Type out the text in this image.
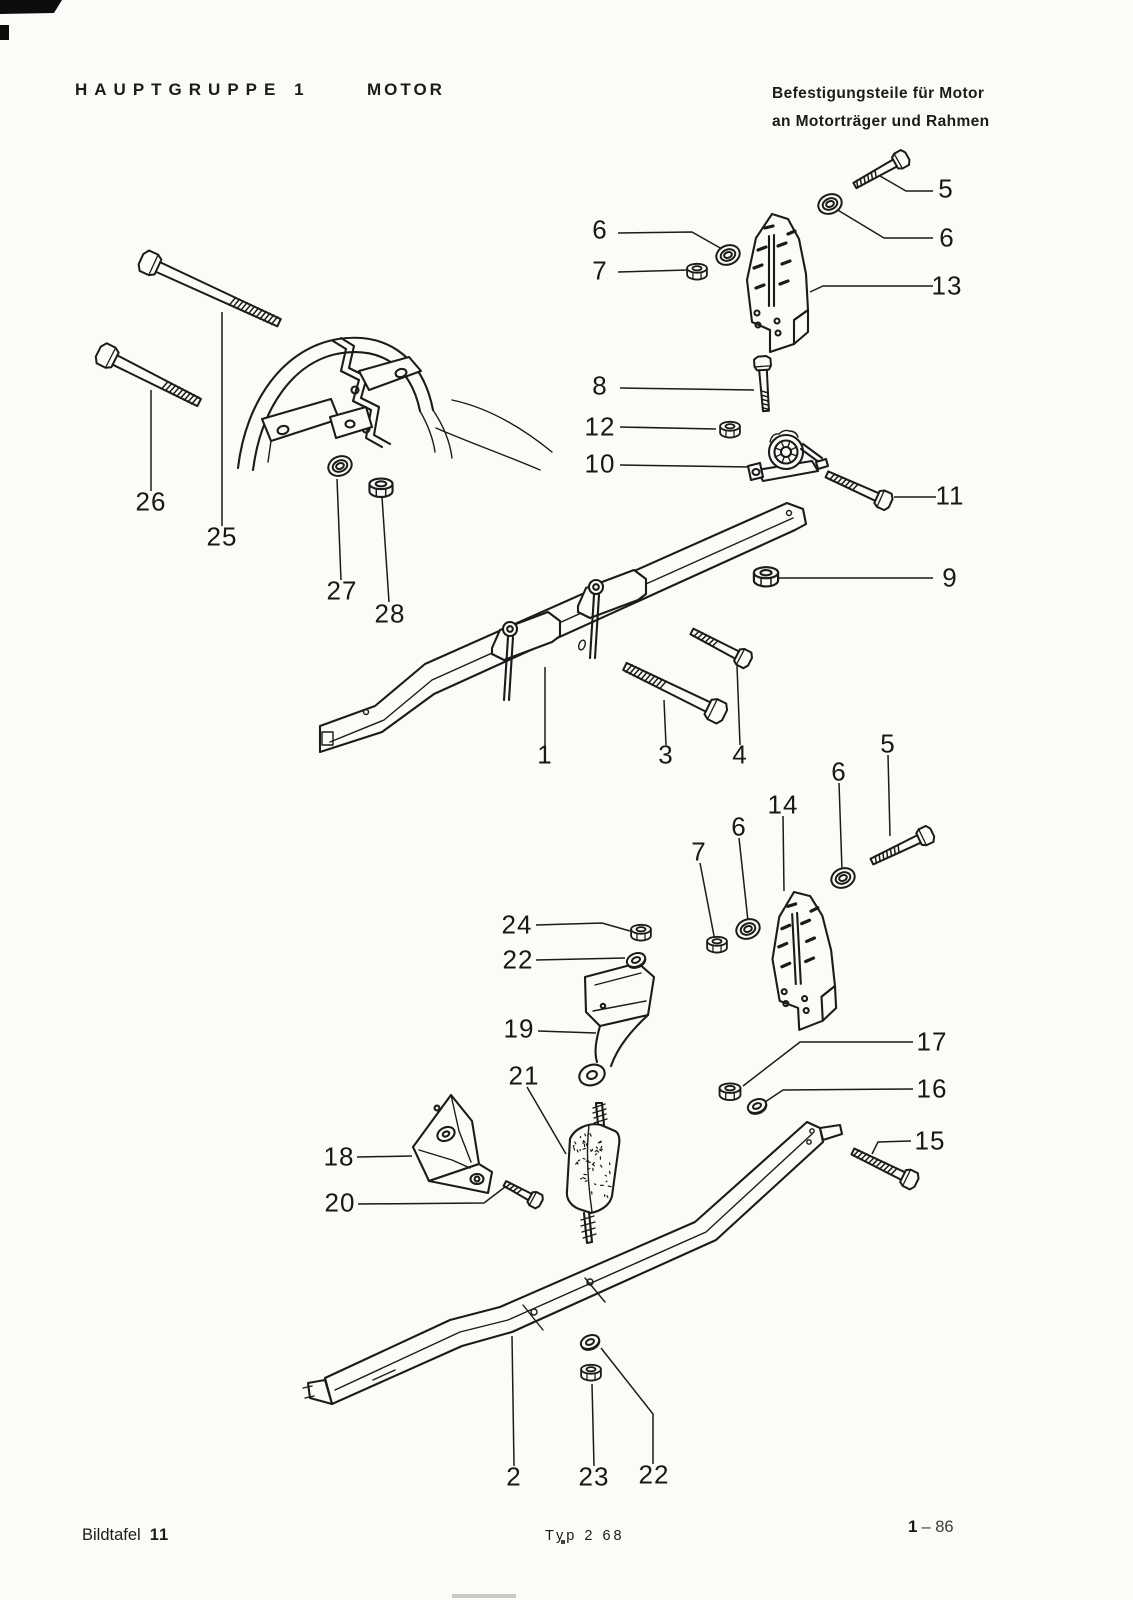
HAUPTGRUPPE 1	MOTOR	Befestigungsteile für Motor
an Motorträger und Rahmen
5
6
6
7	13
8
12
10
11
9
26
25
27
28
1	3 4	5
6
14
6
7
24
22
19
21
18
20
17
16
15
2 23 22
Bildtafel 11	Typ 2 68	1 – 86
